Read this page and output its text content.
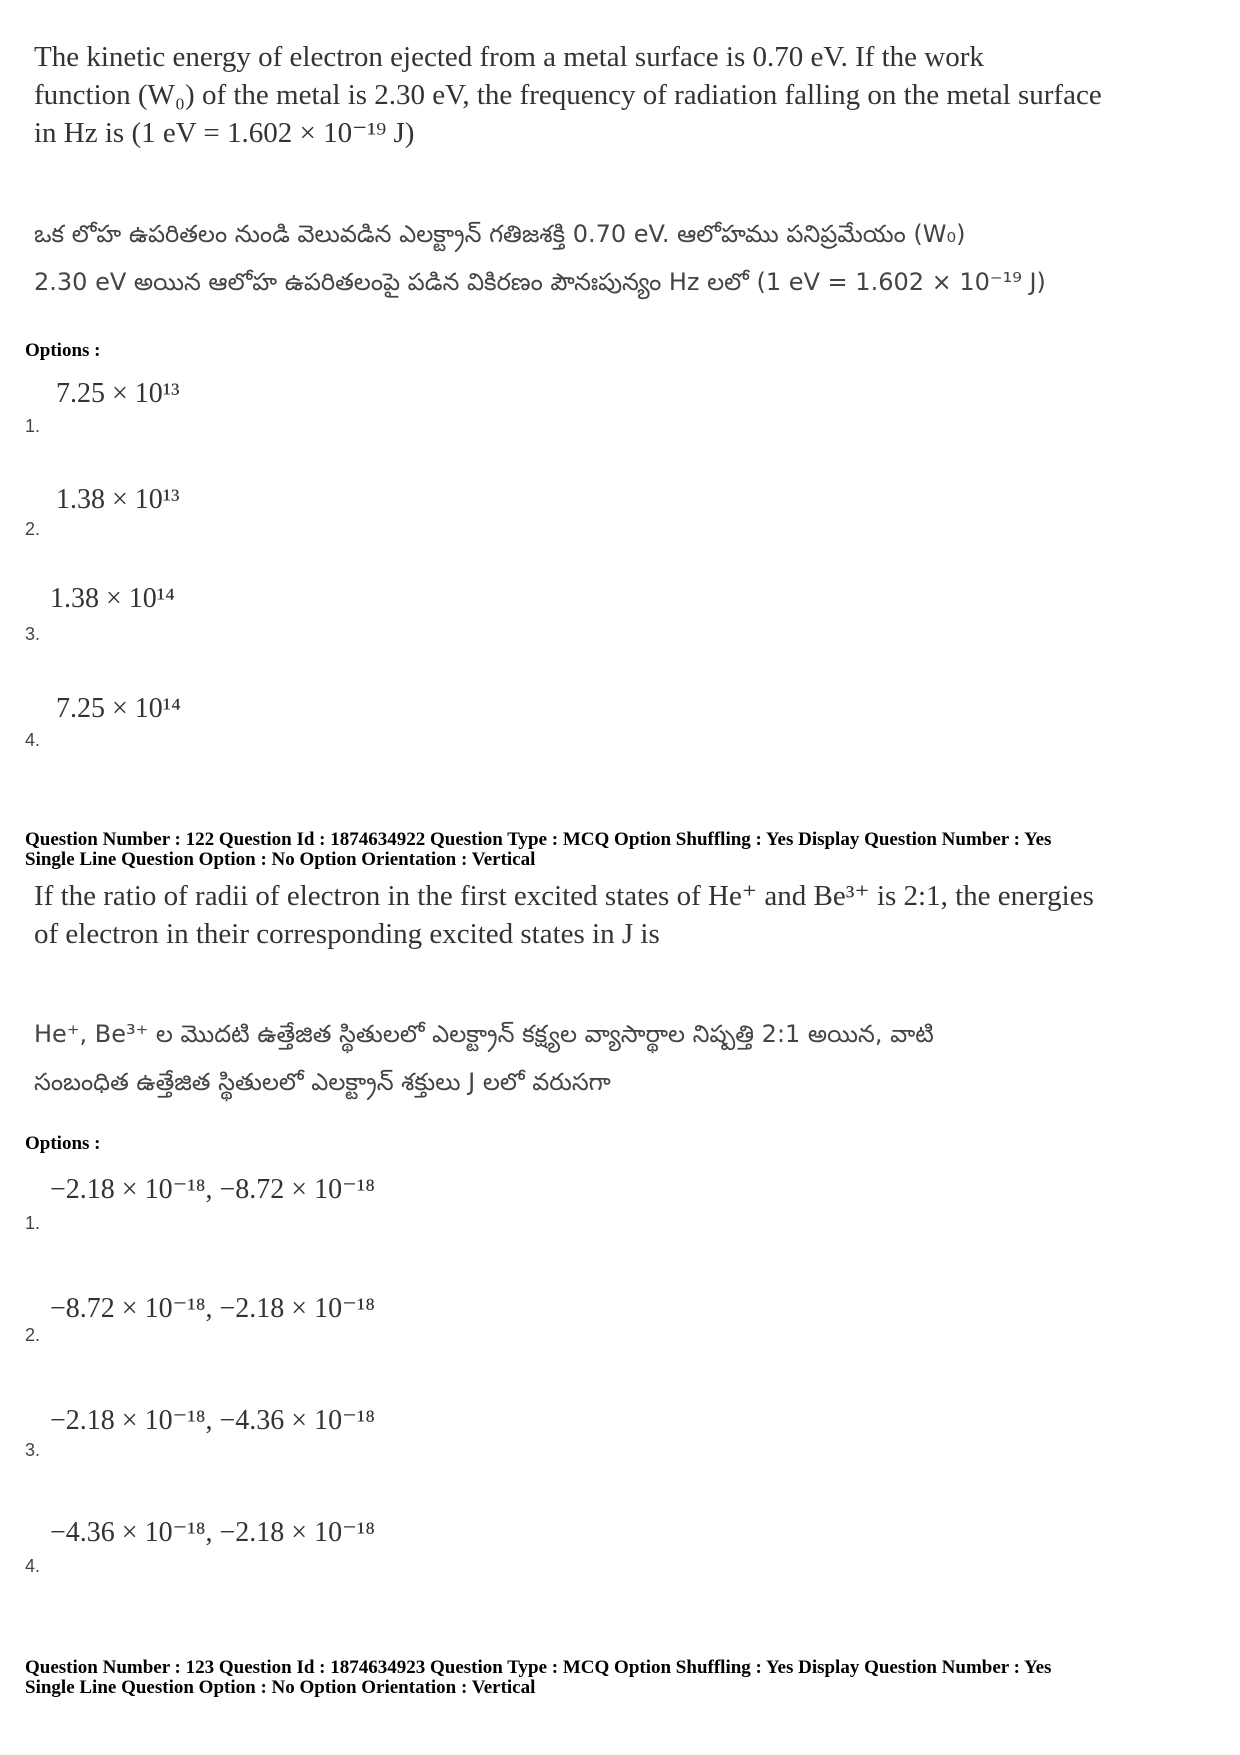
The kinetic energy of electron ejected from a metal surface is 0.70 eV. If the work
function (W₀) of the metal is 2.30 eV, the frequency of radiation falling on the metal surface
in Hz is (1 eV = 1.602 × 10⁻¹⁹ J)
ఒక లోహ ఉపరితలం నుండి వెలువడిన ఎలక్ట్రాన్ గతిజశక్తి 0.70 eV. ఆలోహము పనిప్రమేయం (W₀)
2.30 eV అయిన ఆలోహ ఉపరితలంపై పడిన వికిరణం పౌనఃపున్యం Hz లలో (1 eV = 1.602 × 10⁻¹⁹ J)
Options :
7.25 × 10¹³
1.
1.38 × 10¹³
2.
1.38 × 10¹⁴
3.
7.25 × 10¹⁴
4.
Question Number : 122 Question Id : 1874634922 Question Type : MCQ Option Shuffling : Yes Display Question Number : Yes
Single Line Question Option : No Option Orientation : Vertical
If the ratio of radii of electron in the first excited states of He⁺ and Be³⁺ is 2:1, the energies
of electron in their corresponding excited states in J is
He⁺, Be³⁺ ల మొదటి ఉత్తేజిత స్థితులలో ఎలక్ట్రాన్ కక్ష్యల వ్యాసార్థాల నిష్పత్తి 2:1 అయిన, వాటి
సంబంధిత ఉత్తేజిత స్థితులలో ఎలక్ట్రాన్ శక్తులు J లలో వరుసగా
Options :
−2.18 × 10⁻¹⁸, −8.72 × 10⁻¹⁸
1.
−8.72 × 10⁻¹⁸, −2.18 × 10⁻¹⁸
2.
−2.18 × 10⁻¹⁸, −4.36 × 10⁻¹⁸
3.
−4.36 × 10⁻¹⁸, −2.18 × 10⁻¹⁸
4.
Question Number : 123 Question Id : 1874634923 Question Type : MCQ Option Shuffling : Yes Display Question Number : Yes
Single Line Question Option : No Option Orientation : Vertical
